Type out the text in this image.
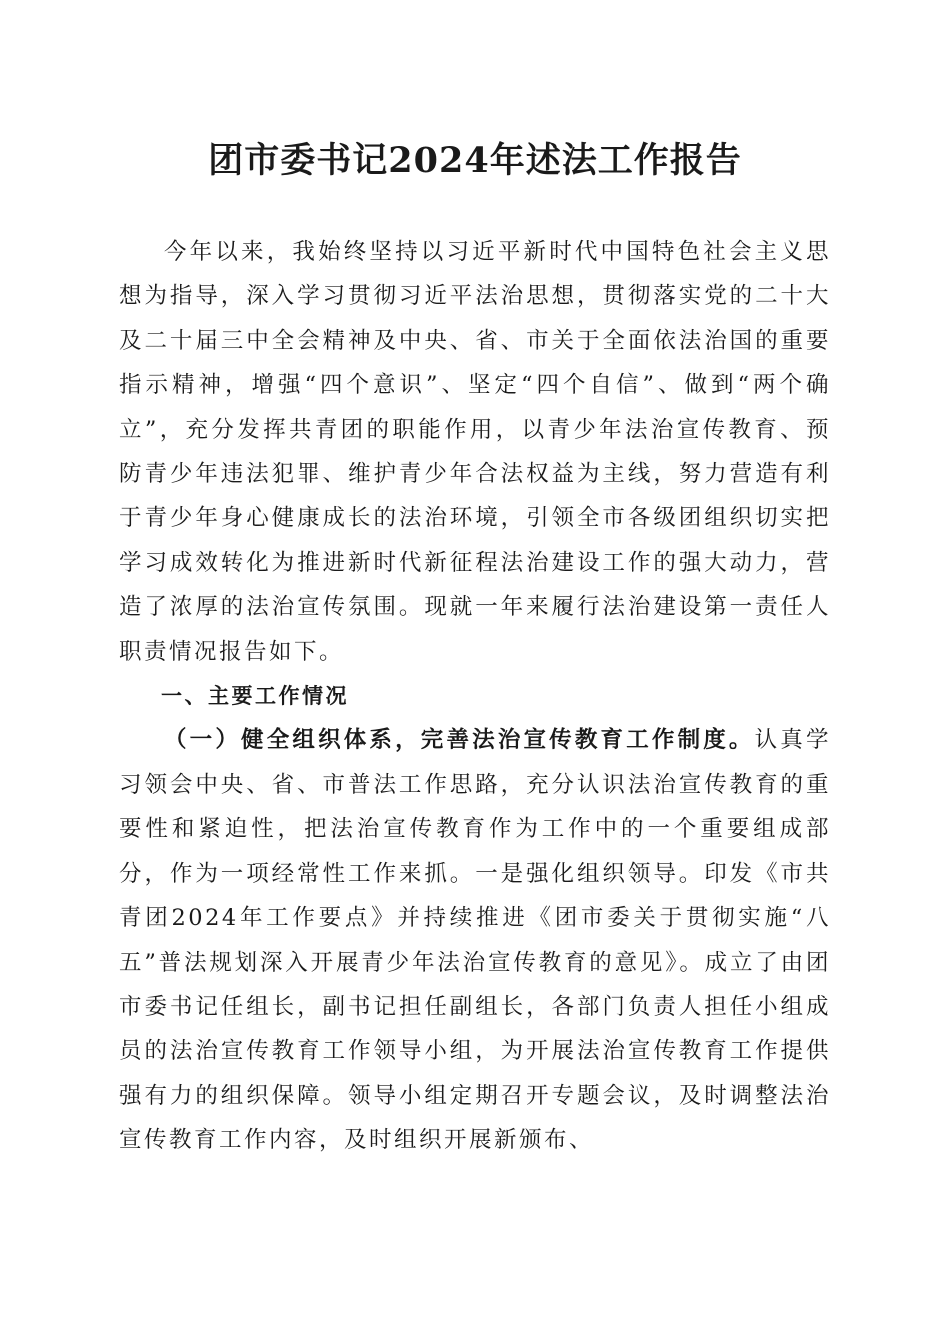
团市委书记2024年述法工作报告

今年以来，我始终坚持以习近平新时代中国特色社会主义思想为指导，深入学习贯彻习近平法治思想，贯彻落实党的二十大及二十届三中全会精神及中央、省、市关于全面依法治国的重要指示精神，增强“四个意识”、坚定“四个自信”、做到“两个确立”，充分发挥共青团的职能作用，以青少年法治宣传教育、预防青少年违法犯罪、维护青少年合法权益为主线，努力营造有利于青少年身心健康成长的法治环境，引领全市各级团组织切实把学习成效转化为推进新时代新征程法治建设工作的强大动力，营造了浓厚的法治宣传氛围。现就一年来履行法治建设第一责任人职责情况报告如下。

一、主要工作情况

（一）健全组织体系，完善法治宣传教育工作制度。认真学习领会中央、省、市普法工作思路，充分认识法治宣传教育的重要性和紧迫性，把法治宣传教育作为工作中的一个重要组成部分，作为一项经常性工作来抓。一是强化组织领导。印发《市共青团2024年工作要点》并持续推进《团市委关于贯彻实施“八五”普法规划深入开展青少年法治宣传教育的意见》。成立了由团市委书记任组长，副书记担任副组长，各部门负责人担任小组成员的法治宣传教育工作领导小组，为开展法治宣传教育工作提供强有力的组织保障。领导小组定期召开专题会议，及时调整法治宣传教育工作内容，及时组织开展新颁布、
